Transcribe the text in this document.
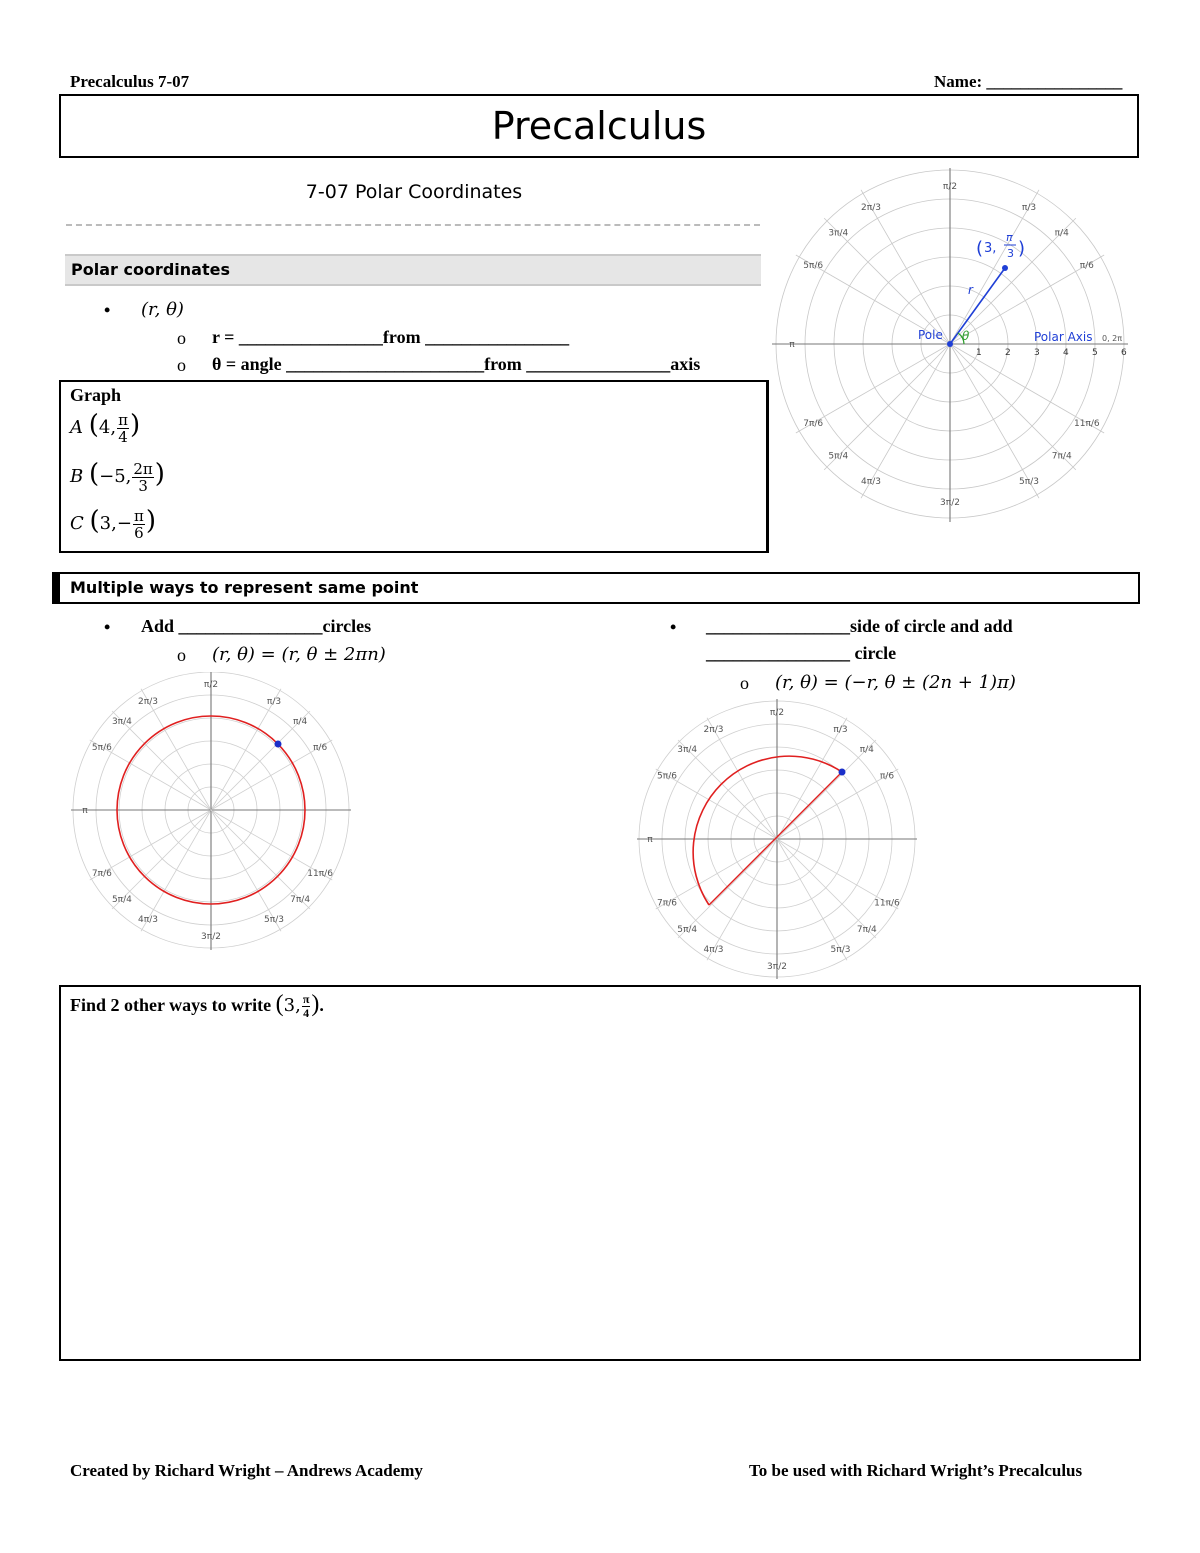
Precalculus 7-07	Name: ________________
Precalculus
7-07 Polar Coordinates
Polar coordinates
• (r, θ)
o r = ________________from ________________
o θ = angle ______________________from ________________axis
Graph
A (4, $\frac{\pi}{4}$ )
B (−5, $\frac{2\pi}{3}$ )
C ($3,- \frac{\pi}{6}$ )
π/2
π/3
π/4
π/6
2π/3
3π/4
5π/6
π
7π/6
5π/4
4π/3
3π/2
5π/3
7π/4
11π/6
Pole θ
r
Polar Axis
( 3,
π
3 )
0, 2π
1	2	3	4	5	6
Multiple ways to represent same point
• Add ________________circles
o (r, θ) = (r, θ ± 2πn)
• ________________side of circle and add
________________ circle
o (r, θ) = (−r, θ ± (2n + 1)π)
π/2
π/3
π/4
π/6
2π/3
3π/4
5π/6
π
7π/6
5π/4
4π/3
3π/2
5π/3
7π/4
11π/6
π/2
π/3
π/4
π/6
2π/3
3π/4
5π/6
π
7π/6
5π/4
4π/3
3π/2
5π/3
7π/4
11π/6
Find 2 other ways to write (3, $\frac{\pi}{4}$ ).
Created by Richard Wright – Andrews Academy	To be used with Richard Wright’s Precalculus
